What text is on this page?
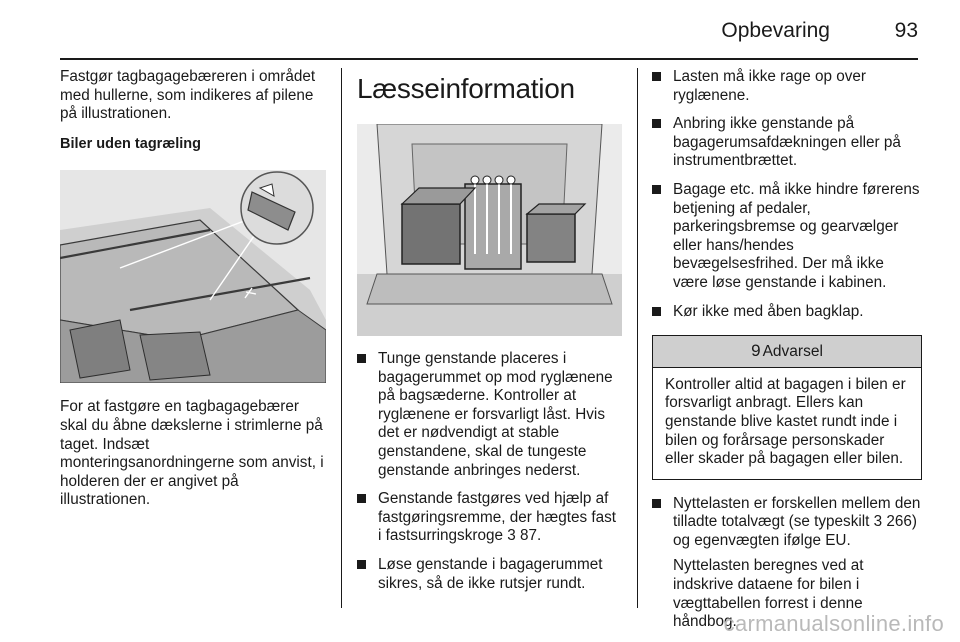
Opbevaring	93

Fastgør tagbagagebæreren i området med hullerne, som indikeres af pilene på illustrationen.

Biler uden tagræling

For at fastgøre en tagbagagebærer skal du åbne dækslerne i strimlerne på taget. Indsæt monteringsanordningerne som anvist, i holderen der er angivet på illustrationen.

Læsseinformation
Tunge genstande placeres i bagagerummet op mod ryglænene på bagsæderne. Kontroller at ryglænene er forsvarligt låst. Hvis det er nødvendigt at stable genstandene, skal de tungeste genstande anbringes nederst.
Genstande fastgøres ved hjælp af fastgøringsremme, der hægtes fast i fastsurringskroge 3 87.
Løse genstande i bagagerummet sikres, så de ikke rutsjer rundt.
Lasten må ikke rage op over ryglænene.
Anbring ikke genstande på bagagerumsafdækningen eller på instrumentbrættet.
Bagage etc. må ikke hindre førerens betjening af pedaler, parkeringsbremse og gearvælger eller hans/hendes bevægelsesfrihed. Der må ikke være løse genstande i kabinen.
Kør ikke med åben bagklap.
9 Advarsel
Kontroller altid at bagagen i bilen er forsvarligt anbragt. Ellers kan genstande blive kastet rundt inde i bilen og forårsage personskader eller skader på bagagen eller bilen.
Nyttelasten er forskellen mellem den tilladte totalvægt (se typeskilt 3 266) og egenvægten ifølge EU.

Nyttelasten beregnes ved at indskrive dataene for bilen i vægttabellen forrest i denne håndbog.

carmanualsonline.info
